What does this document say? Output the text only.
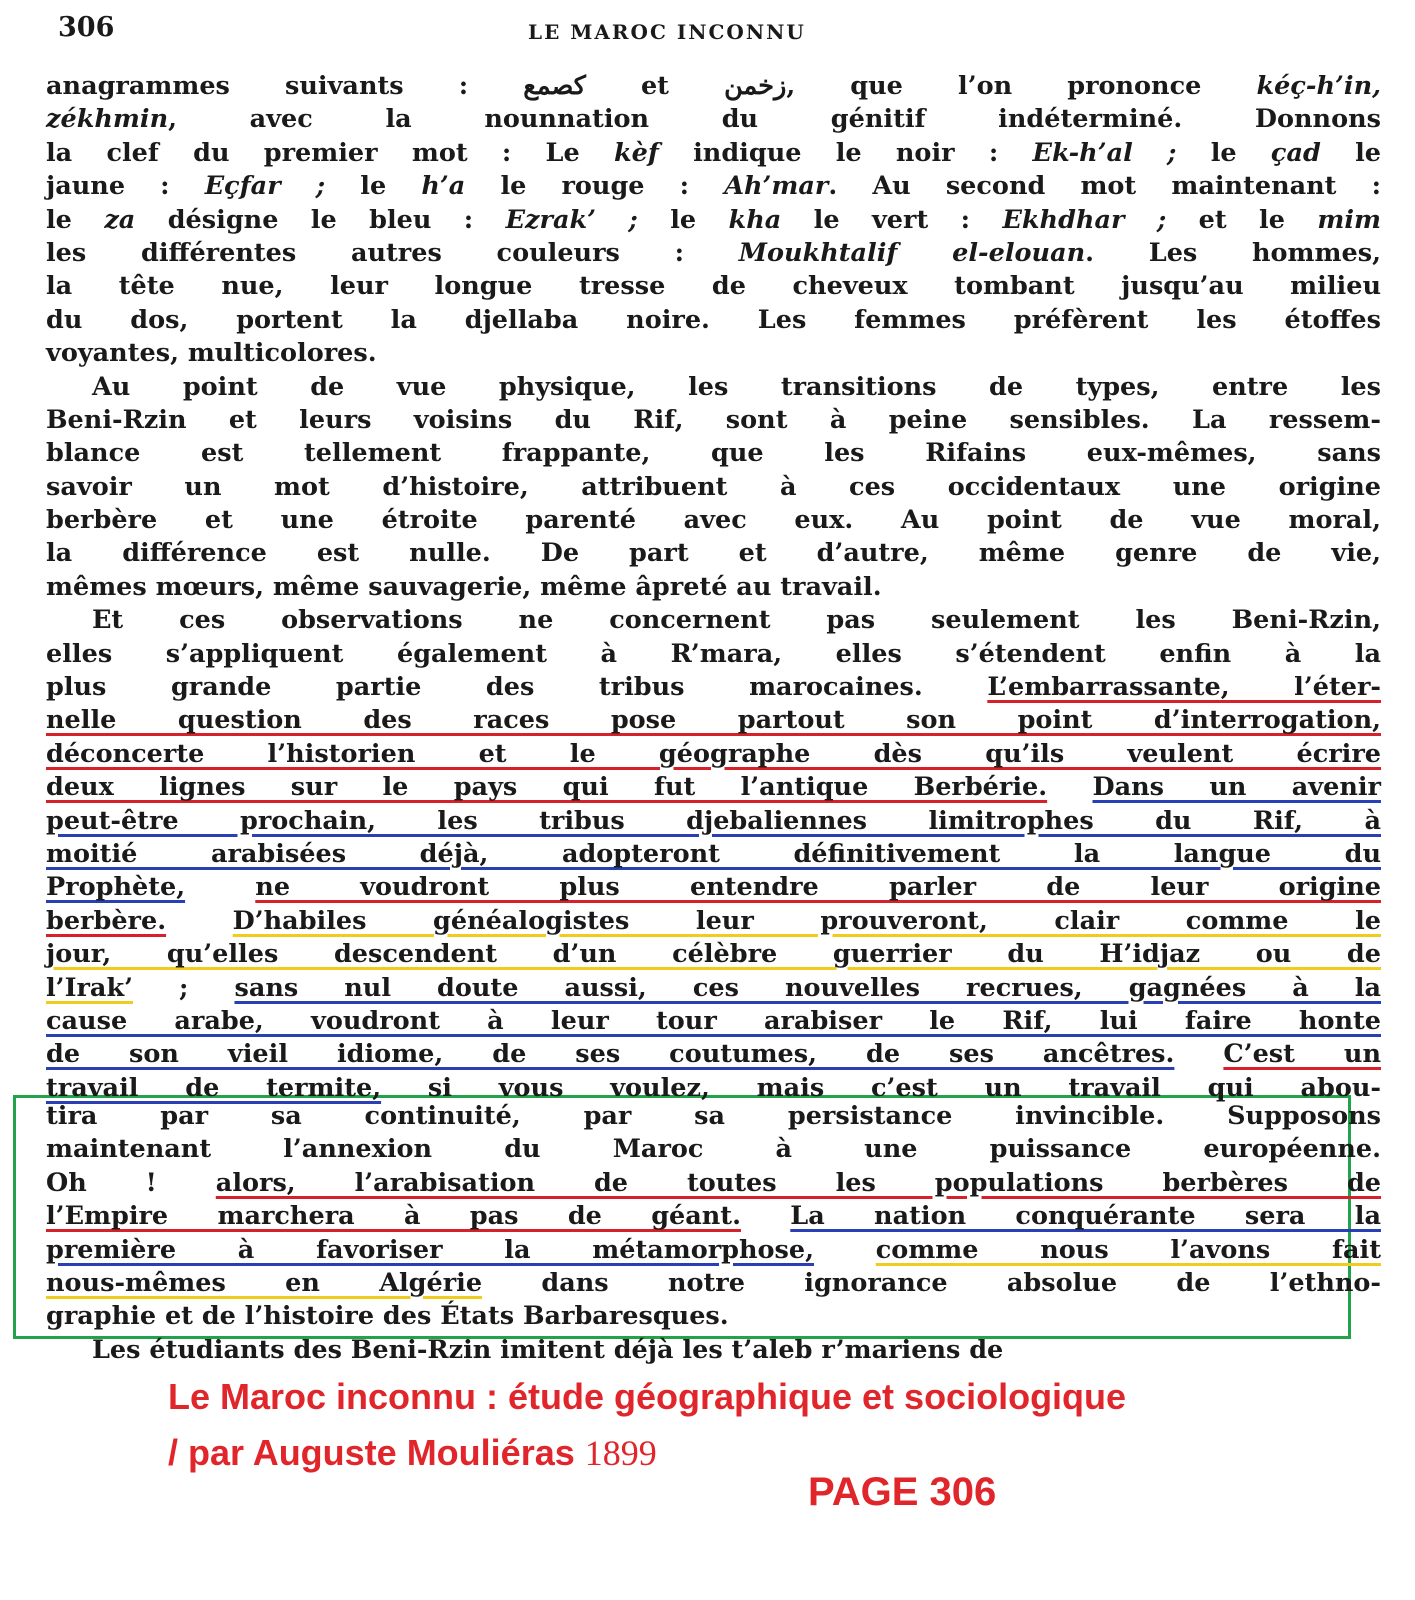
306	LE MAROC INCONNU
anagrammes suivants : كصمع et زخمن, que l’on prononce kéç-h’in,
zékhmin, avec la nounnation du génitif indéterminé. Donnons
la clef du premier mot : Le kèf indique le noir : Ek-h’al ; le çad le
jaune : Eçfar ; le h’a le rouge : Ah’mar. Au second mot maintenant :
le za désigne le bleu : Ezrak’ ; le kha le vert : Ekhdhar ; et le mim
les différentes autres couleurs : Moukhtalif el-elouan. Les hommes,
la tête nue, leur longue tresse de cheveux tombant jusqu’au milieu
du dos, portent la djellaba noire. Les femmes préfèrent les étoffes
voyantes, multicolores.
Au point de vue physique, les transitions de types, entre les
Beni-Rzin et leurs voisins du Rif, sont à peine sensibles. La ressem-
blance est tellement frappante, que les Rifains eux-mêmes, sans
savoir un mot d’histoire, attribuent à ces occidentaux une origine
berbère et une étroite parenté avec eux. Au point de vue moral,
la différence est nulle. De part et d’autre, même genre de vie,
mêmes mœurs, même sauvagerie, même âpreté au travail.
Et ces observations ne concernent pas seulement les Beni-Rzin,
elles s’appliquent également à R’mara, elles s’étendent enfin à la
plus grande partie des tribus marocaines. L’embarrassante, l’éter-
nelle question des races pose partout son point d’interrogation,
déconcerte l’historien et le géographe dès qu’ils veulent écrire
deux lignes sur le pays qui fut l’antique Berbérie. Dans un avenir
peut-être prochain, les tribus djebaliennes limitrophes du Rif, à
moitié arabisées déjà, adopteront définitivement la langue du
Prophète,	ne voudront plus entendre parler de leur origine
berbère.	D’habiles généalogistes leur prouveront, clair comme le
jour, qu’elles descendent d’un célèbre guerrier du H’idjaz ou de
l’Irak’ ; sans nul doute aussi, ces nouvelles recrues, gagnées à la
cause arabe, voudront à leur tour arabiser le Rif, lui faire honte
de son vieil idiome, de ses coutumes, de ses ancêtres. C’est un
travail de termite, si vous voulez, mais c’est un travail qui abou-
tira par sa continuité, par sa persistance invincible. Supposons
maintenant l’annexion du Maroc à une puissance européenne.
Oh ! alors, l’arabisation de toutes les populations berbères de
l’Empire marchera à pas de géant. La nation conquérante sera la
première à favoriser la métamorphose, comme nous l’avons fait
nous-mêmes en Algérie dans notre ignorance absolue de l’ethno-
graphie et de l’histoire des États Barbaresques.
Les étudiants des Beni-Rzin imitent déjà les t’aleb r’mariens de
Le Maroc inconnu : étude géographique et sociologique
/ par Auguste Mouliéras 1899
PAGE 306
